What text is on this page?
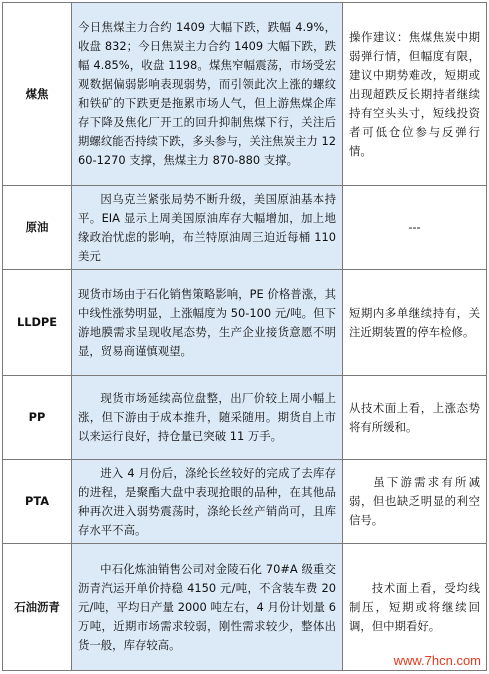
煤焦	今日焦煤主力合约 1409 大幅下跌，跌幅 4.9%，收盘 832；今日焦炭主力合约 1409 大幅下跌，跌幅 4.85%，收盘 1198。煤焦窄幅震荡，市场受宏观数据偏弱影响表现弱势，而引领此次上涨的螺纹和铁矿的下跌更是拖累市场人气，但上游焦煤企库存下降及焦化厂开工的回升抑制焦煤下行，关注后期螺纹能否持续下跌，多头参与，关注焦炭主力 1260-1270 支撑，焦煤主力 870-880 支撑。	操作建议：焦煤焦炭中期弱弹行情，但幅度有限，建议中期势难改，短期或出现超跌反长期持者继续持有空头头寸，短线投资者可低仓位参与反弹行情。
原油	因乌克兰紧张局势不断升级，美国原油基本持平。EIA 显示上周美国原油库存大幅增加，加上地缘政治忧虑的影响，布兰特原油周三迫近每桶 110 美元	---
LLDPE	现货市场由于石化销售策略影响，PE 价格普涨，其中线性涨势明显，上涨幅度为 50-100 元/吨。但下游地膜需求呈现收尾态势，生产企业接货意愿不明显，贸易商谨慎观望。	短期内多单继续持有，关注近期装置的停车检修。
PP	现货市场延续高位盘整，出厂价较上周小幅上涨，但下游由于成本推升，随采随用。期货自上市以来运行良好，持仓量已突破 11 万手。	从技术面上看，上涨态势将有所缓和。
PTA	进入 4 月份后，涤纶长丝较好的完成了去库存的进程，是聚酯大盘中表现抢眼的品种，在其他品种再次进入弱势震荡时，涤纶长丝产销尚可，且库存水平不高。	虽下游需求有所减弱，但也缺乏明显的利空信号。
石油沥青	中石化炼油销售公司对金陵石化 70#A 级重交沥青汽运开单价持稳 4150 元/吨，不含装车费 20 元/吨，平均日产量 2000 吨左右，4 月份计划量 6 万吨，近期市场需求较弱，刚性需求较少，整体出货一般，库存较高。	技术面上看，受均线制压，短期或将继续回调，但中期看好。
www.7hcn.com
